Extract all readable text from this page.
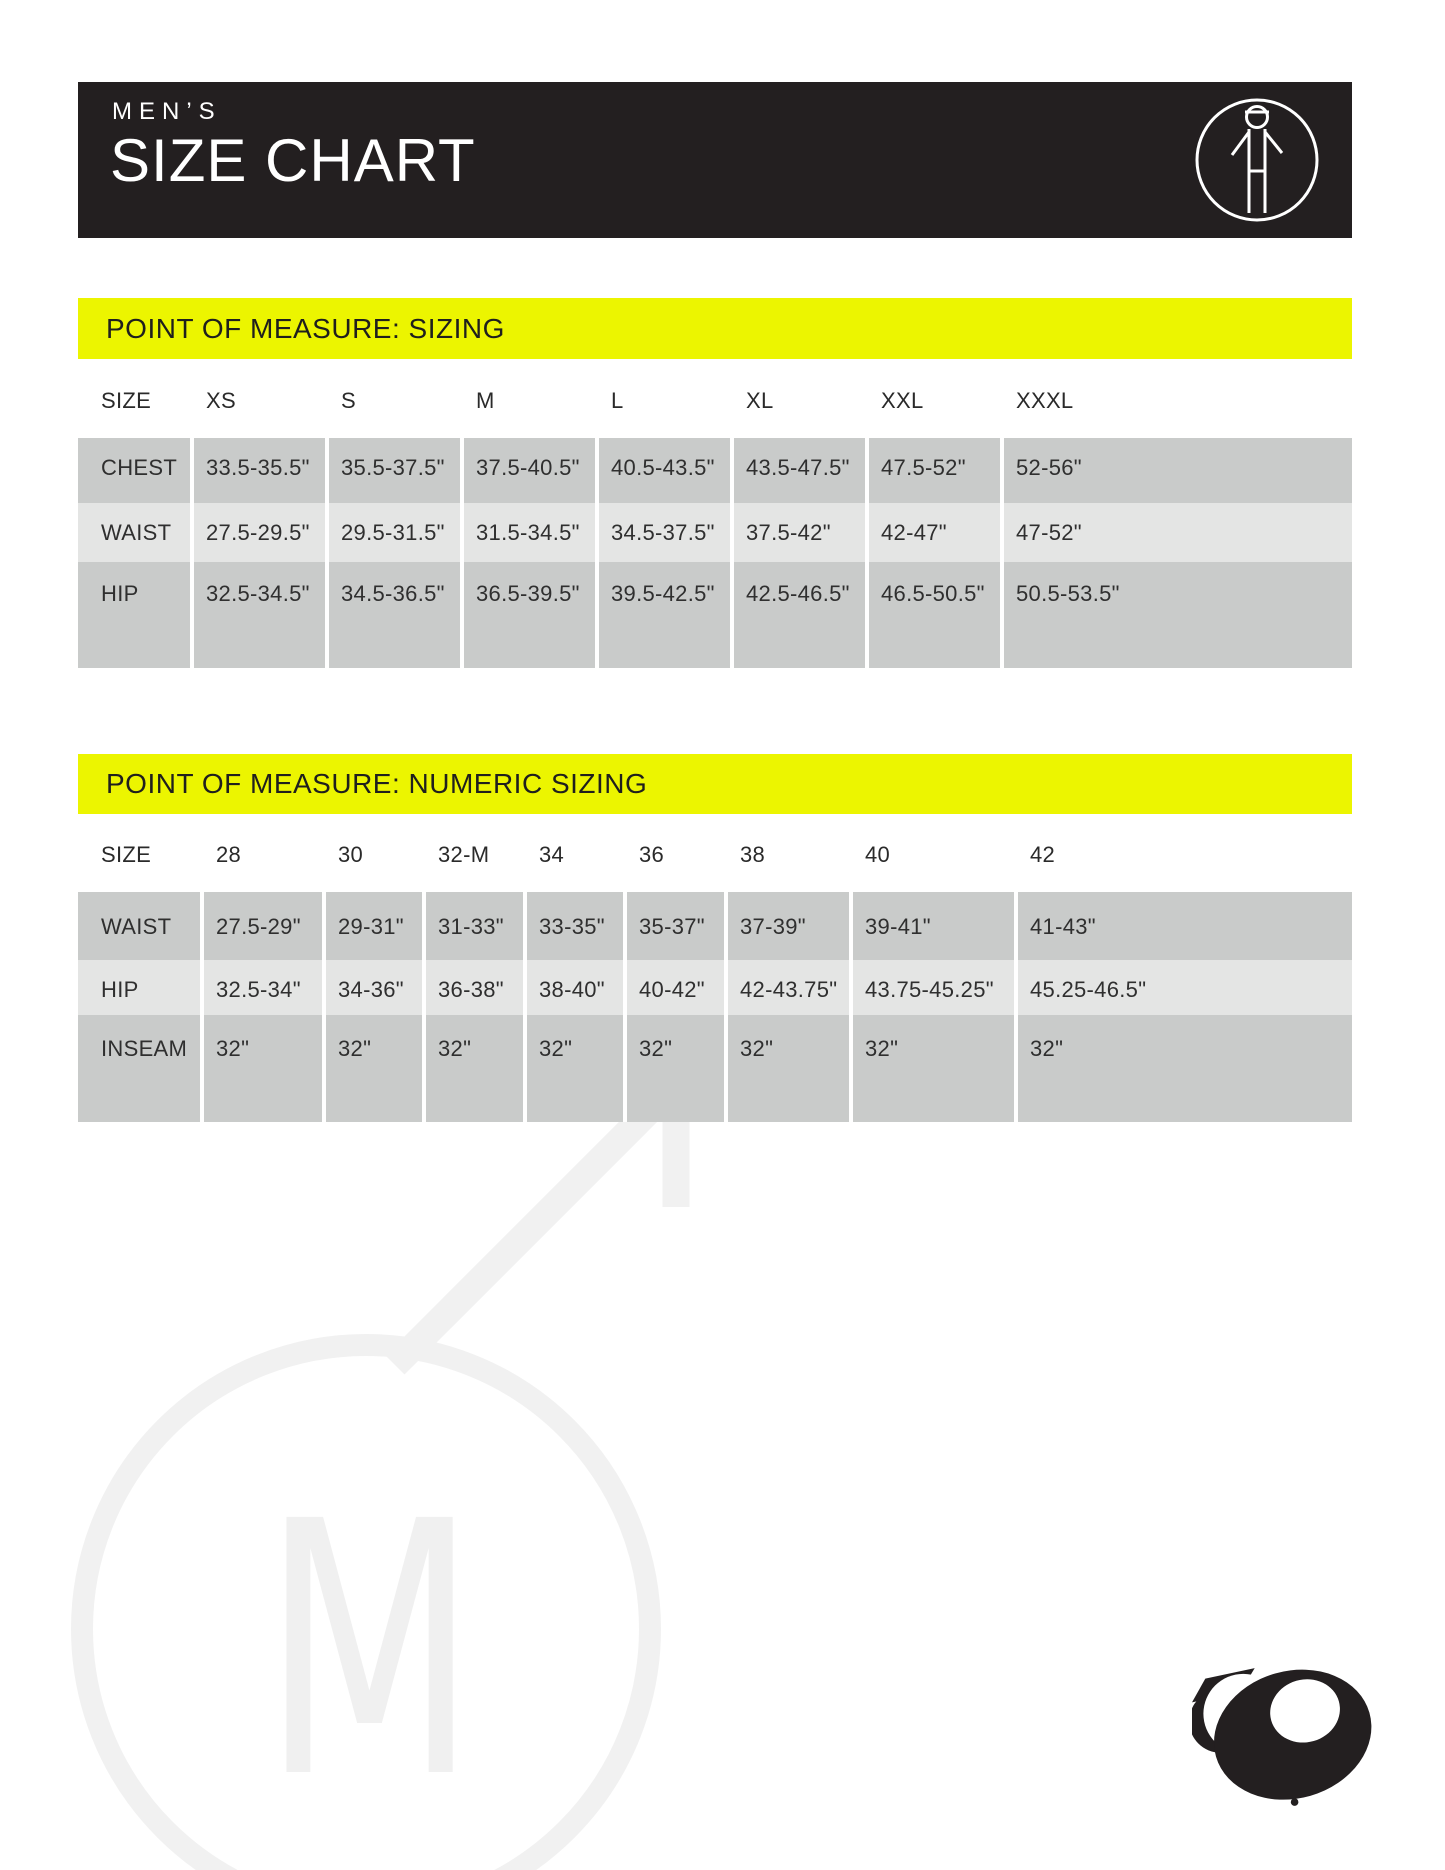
M
MEN’S
SIZE CHART
POINT OF MEASURE: SIZING
SIZE	XS	S	M	L	XL	XXL	XXXL
CHEST	33.5-35.5"	35.5-37.5"	37.5-40.5"	40.5-43.5"	43.5-47.5"	47.5-52"	52-56"
WAIST	27.5-29.5"	29.5-31.5"	31.5-34.5"	34.5-37.5"	37.5-42"	42-47"	47-52"
HIP	32.5-34.5"	34.5-36.5"	36.5-39.5"	39.5-42.5"	42.5-46.5"	46.5-50.5"	50.5-53.5"
POINT OF MEASURE: NUMERIC SIZING
SIZE	28	30	32-M	34	36	38	40	42
WAIST	27.5-29"	29-31"	31-33"	33-35"	35-37"	37-39"	39-41"	41-43"
HIP	32.5-34"	34-36"	36-38"	38-40"	40-42"	42-43.75"	43.75-45.25"	45.25-46.5"
INSEAM	32"	32"	32"	32"	32"	32"	32"	32"
